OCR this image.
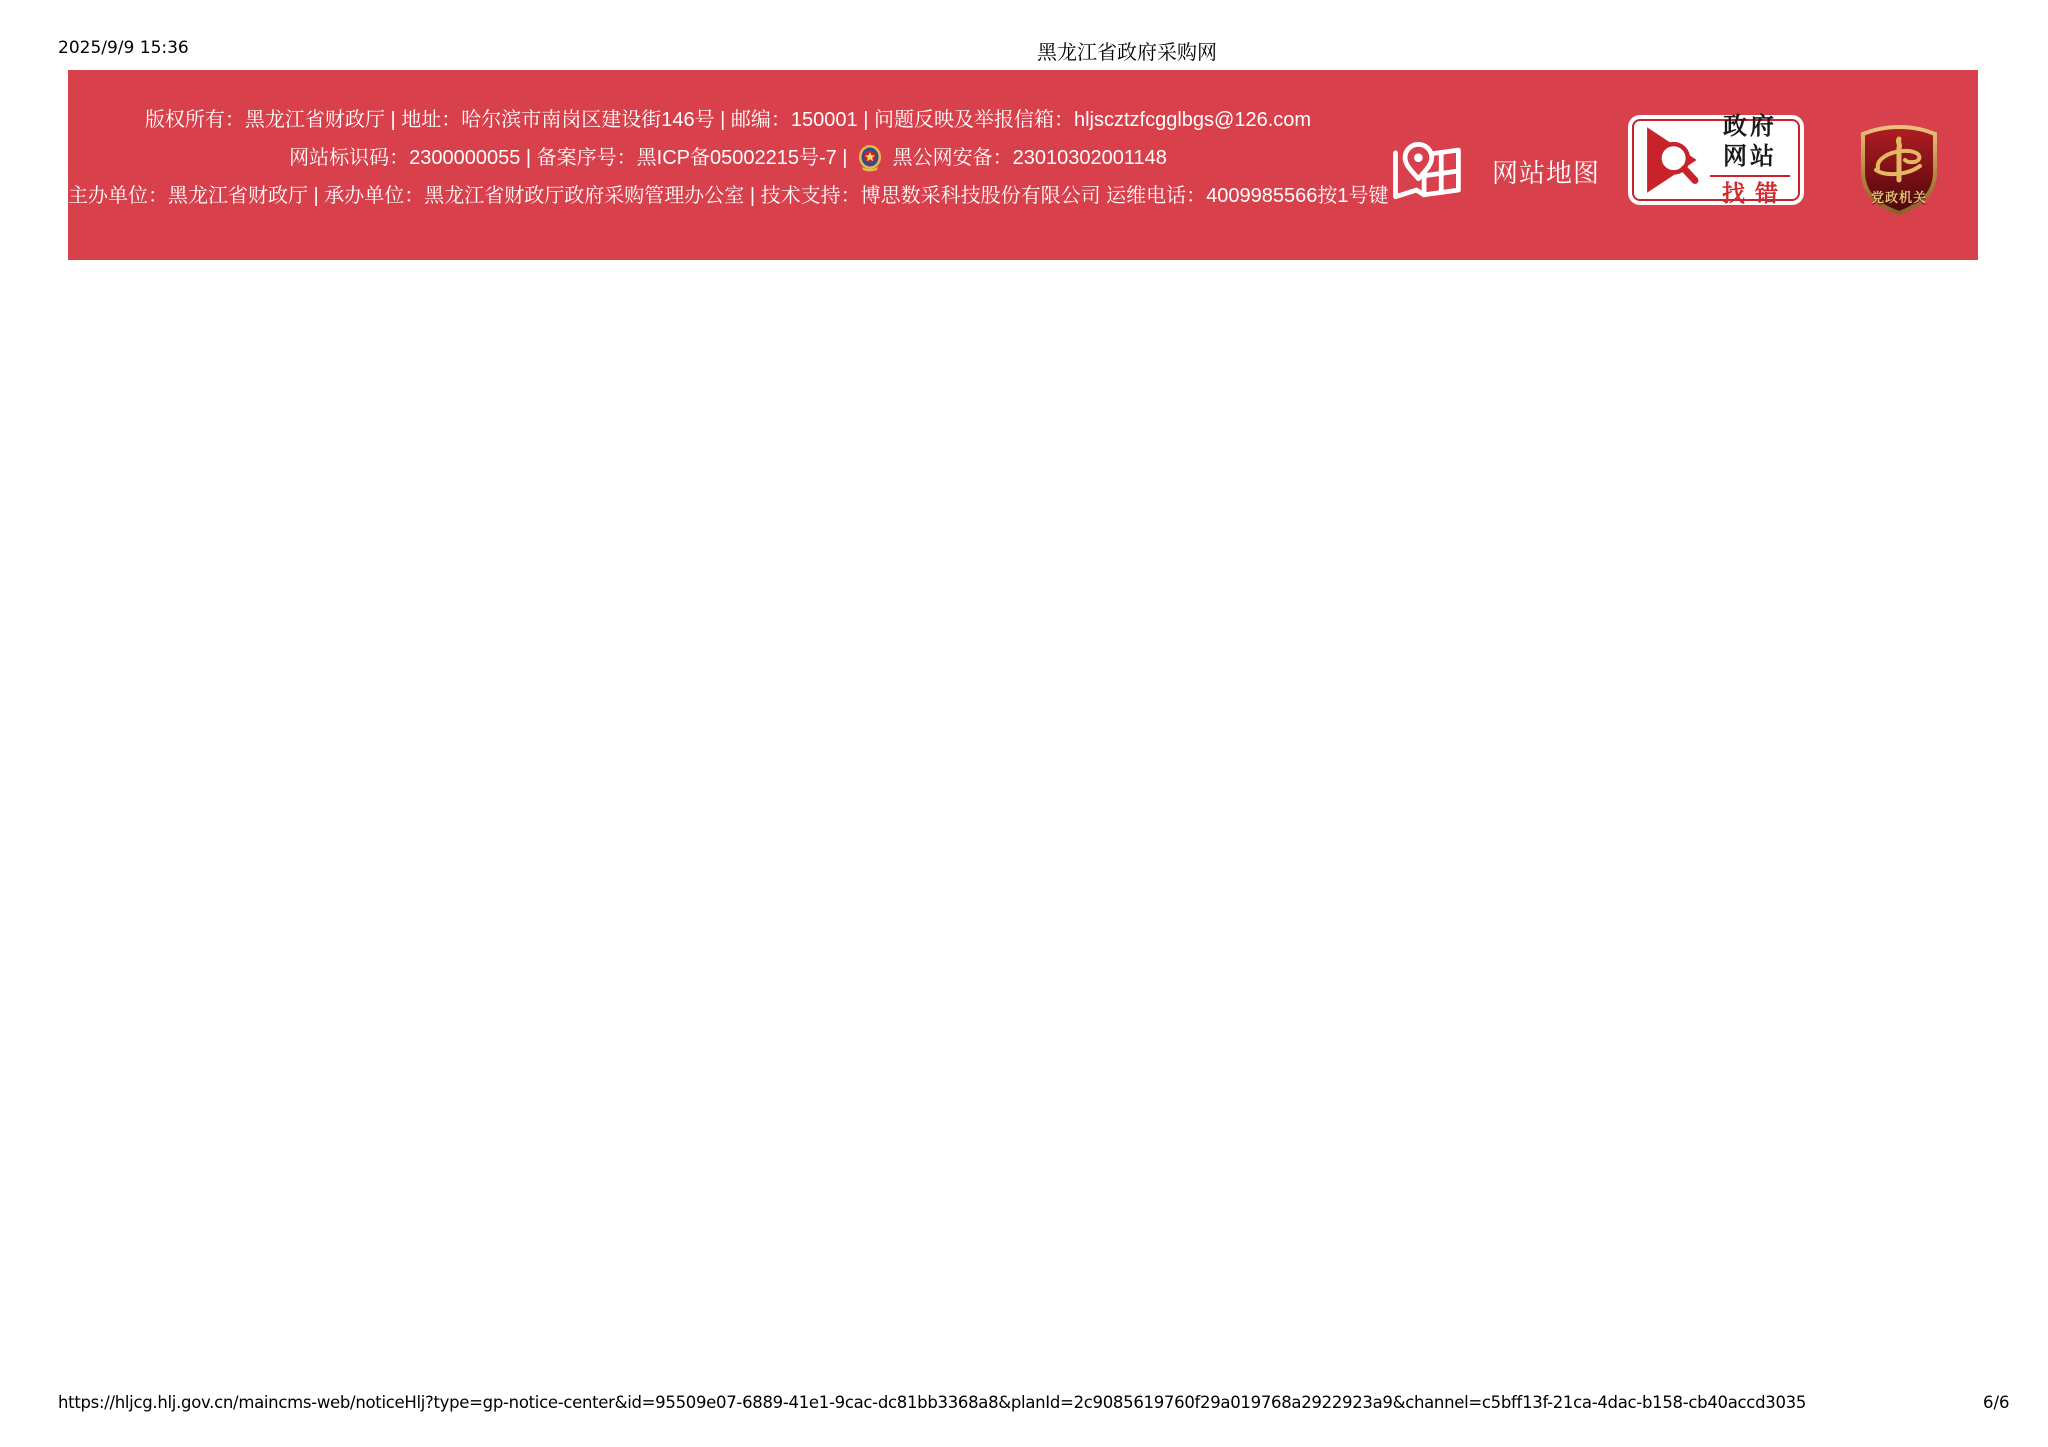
2025/9/9 15:36	黑龙江省政府采购网
版权所有：黑龙江省财政厅 | 地址：哈尔滨市南岗区建设街146号 | 邮编：150001 | 问题反映及举报信箱：hljscztzfcgglbgs@126.com
网站标识码：2300000055 | 备案序号：黑ICP备05002215号-7 | 黑公网安备：23010302001148
主办单位：黑龙江省财政厅 | 承办单位：黑龙江省财政厅政府采购管理办公室 | 技术支持：博思数采科技股份有限公司 运维电话：4009985566按1号键
网站地图
政府网站
找错	党政机关
https://hljcg.hlj.gov.cn/maincms-web/noticeHlj?type=gp-notice-center&id=95509e07-6889-41e1-9cac-dc81bb3368a8&planId=2c9085619760f29a019768a2922923a9&channel=c5bff13f-21ca-4dac-b158-cb40accd3035	6/6
